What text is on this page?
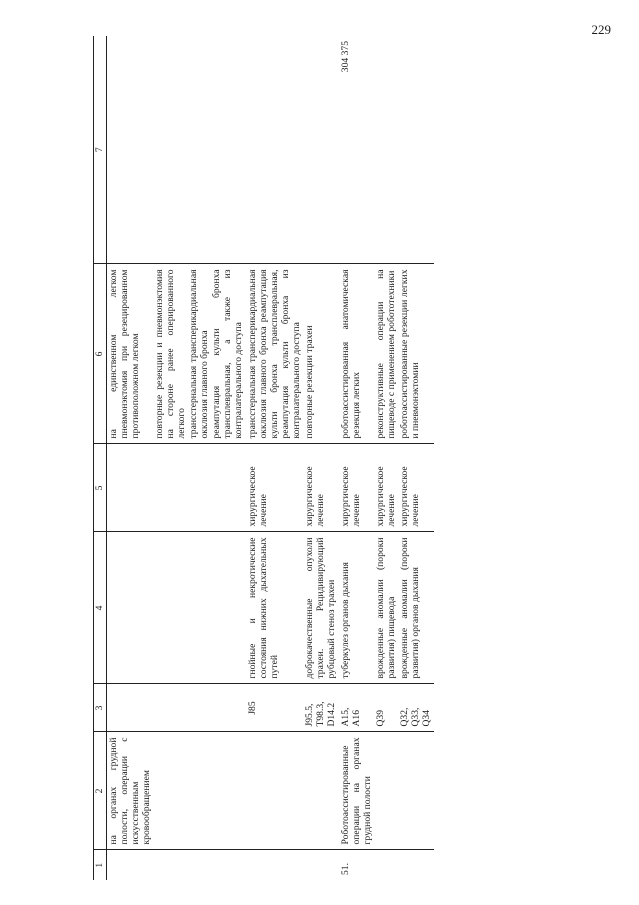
229
1	2	3	4	5	6	7
	на органах грудной полости, операции с искусственным кровообращением				на единственном легком пневмонэктомия при резецированном противоположном легком	
					повторные резекции и пневмонэктомия на стороне ранее оперированного легкого	
					трансстернальная трансперикардиальная окклюзия главного бронха	
					реампутация культи бронха трансплевральная, а также из контралатерального доступа	
		J85	гнойные и некротические состояния нижних дыхательных путей	хирургическое лечение	трансстернальная трансперикардиальная окклюзия главного бронха реампутация культи бронха трансплевральная, реампутация культи бронха из контралатерального доступа	
		J95.5, T98.3, D14.2	доброкачественные опухоли трахеи. Рецидивирующий рубцовый стеноз трахеи	хирургическое лечение	повторные резекции трахеи	
51.	Роботоассистированные операции на органах грудной полости	A15, A16	туберкулез органов дыхания	хирургическое лечение	роботоассистированная анатомическая резекция легких	304 375
		Q39	врожденные аномалии (пороки развития) пищевода	хирургическое лечение	реконструктивные операции на пищеводе с применением робототехники	
		Q32, Q33, Q34	врожденные аномалии (пороки развития) органов дыхания	хирургическое лечение	роботоассистированные резекции легких и пневмонэктомии	
